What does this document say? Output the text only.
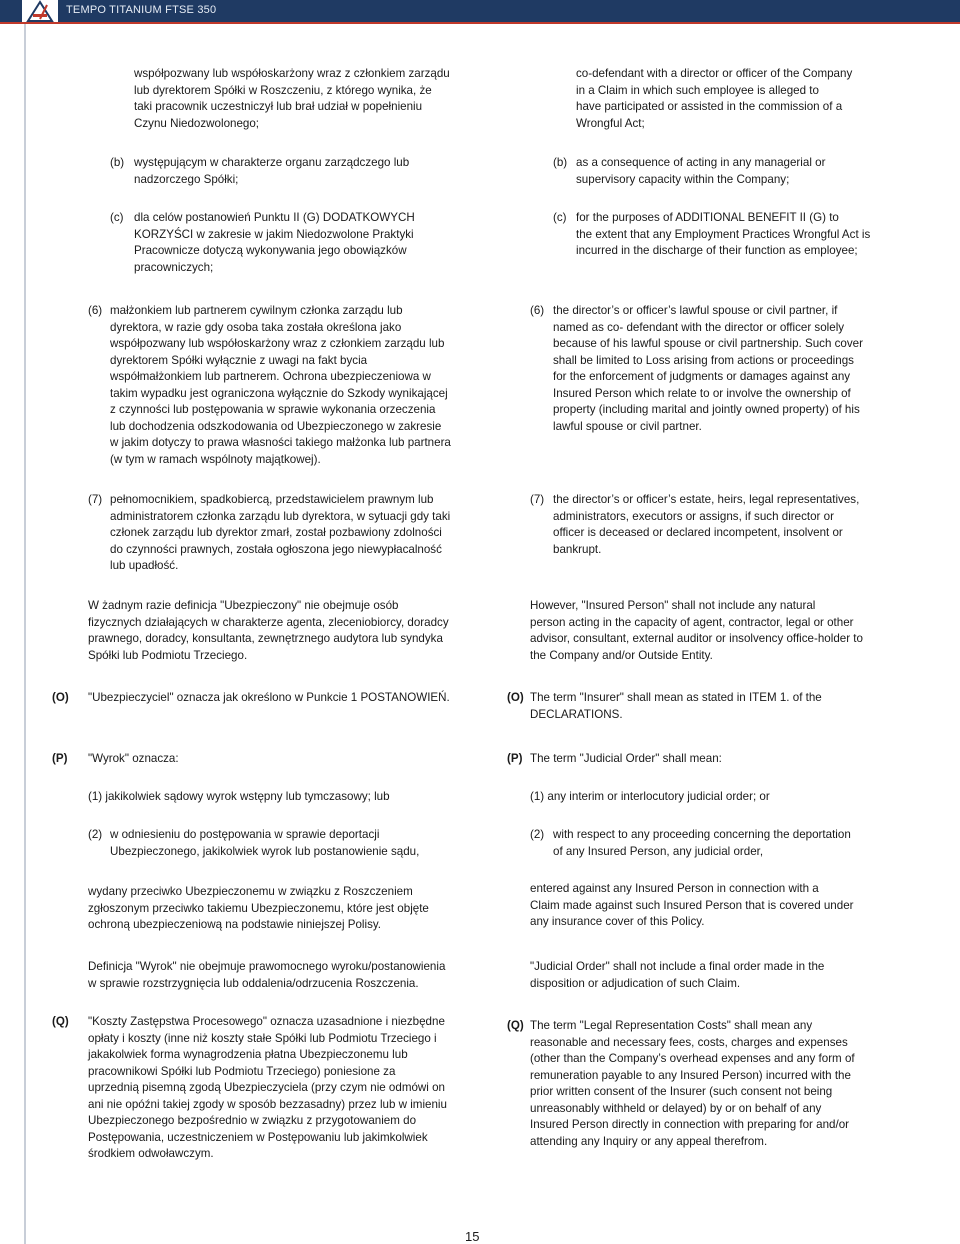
TEMPO TITANIUM FTSE 350

współpozwany lub współoskarżony wraz z członkiem zarządu
lub dyrektorem Spółki w Roszczeniu, z którego wynika, że
taki pracownik uczestniczył lub brał udział w popełnieniu
Czynu Niedozwolonego;

(b) występującym w charakterze organu zarządczego lub
nadzorczego Spółki;

(c) dla celów postanowień Punktu II (G) DODATKOWYCH
KORZYŚCI w zakresie w jakim Niedozwolone Praktyki
Pracownicze dotyczą wykonywania jego obowiązków
pracowniczych;

(6) małżonkiem lub partnerem cywilnym członka zarządu lub
dyrektora, w razie gdy osoba taka została określona jako
współpozwany lub współoskarżony wraz z członkiem zarządu lub
dyrektorem Spółki wyłącznie z uwagi na fakt bycia
współmałżonkiem lub partnerem. Ochrona ubezpieczeniowa w
takim wypadku jest ograniczona wyłącznie do Szkody wynikającej
z czynności lub postępowania w sprawie wykonania orzeczenia
lub dochodzenia odszkodowania od Ubezpieczonego w zakresie
w jakim dotyczy to prawa własności takiego małżonka lub partnera
(w tym w ramach wspólnoty majątkowej).

(7) pełnomocnikiem, spadkobiercą, przedstawicielem prawnym lub
administratorem członka zarządu lub dyrektora, w sytuacji gdy taki
członek zarządu lub dyrektor zmarł, został pozbawiony zdolności
do czynności prawnych, została ogłoszona jego niewypłacalność
lub upadłość.

W żadnym razie definicja "Ubezpieczony" nie obejmuje osób
fizycznych działających w charakterze agenta, zleceniobiorcy, doradcy
prawnego, doradcy, konsultanta, zewnętrznego audytora lub syndyka
Spółki lub Podmiotu Trzeciego.

(O) "Ubezpieczyciel" oznacza jak określono w Punkcie 1 POSTANOWIEŃ.

(P) "Wyrok" oznacza:

(1) jakikolwiek sądowy wyrok wstępny lub tymczasowy; lub

(2) w odniesieniu do postępowania w sprawie deportacji
Ubezpieczonego, jakikolwiek wyrok lub postanowienie sądu,

wydany przeciwko Ubezpieczonemu w związku z Roszczeniem
zgłoszonym przeciwko takiemu Ubezpieczonemu, które jest objęte
ochroną ubezpieczeniową na podstawie niniejszej Polisy.

Definicja "Wyrok" nie obejmuje prawomocnego wyroku/postanowienia
w sprawie rozstrzygnięcia lub oddalenia/odrzucenia Roszczenia.

(Q) "Koszty Zastępstwa Procesowego" oznacza uzasadnione i niezbędne
opłaty i koszty (inne niż koszty stałe Spółki lub Podmiotu Trzeciego i
jakakolwiek forma wynagrodzenia płatna Ubezpieczonemu lub
pracownikowi Spółki lub Podmiotu Trzeciego) poniesione za
uprzednią pisemną zgodą Ubezpieczyciela (przy czym nie odmówi on
ani nie opóźni takiej zgody w sposób bezzasadny) przez lub w imieniu
Ubezpieczonego bezpośrednio w związku z przygotowaniem do
Postępowania, uczestniczeniem w Postępowaniu lub jakimkolwiek
środkiem odwoławczym.

co-defendant with a director or officer of the Company
in a Claim in which such employee is alleged to
have participated or assisted in the commission of a
Wrongful Act;

(b) as a consequence of acting in any managerial or
supervisory capacity within the Company;

(c) for the purposes of ADDITIONAL BENEFIT II (G) to
the extent that any Employment Practices Wrongful Act is
incurred in the discharge of their function as employee;

(6) the director’s or officer’s lawful spouse or civil partner, if
named as co- defendant with the director or officer solely
because of his lawful spouse or civil partnership. Such cover
shall be limited to Loss arising from actions or proceedings
for the enforcement of judgments or damages against any
Insured Person which relate to or involve the ownership of
property (including marital and jointly owned property) of his
lawful spouse or civil partner.

(7) the director’s or officer’s estate, heirs, legal representatives,
administrators, executors or assigns, if such director or
officer is deceased or declared incompetent, insolvent or
bankrupt.

However, "Insured Person" shall not include any natural
person acting in the capacity of agent, contractor, legal or other
advisor, consultant, external auditor or insolvency office-holder to
the Company and/or Outside Entity.

(O) The term "Insurer" shall mean as stated in ITEM 1. of the
DECLARATIONS.

(P) The term "Judicial Order" shall mean:

(1) any interim or interlocutory judicial order; or

(2) with respect to any proceeding concerning the deportation
of any Insured Person, any judicial order,

entered against any Insured Person in connection with a
Claim made against such Insured Person that is covered under
any insurance cover of this Policy.

"Judicial Order" shall not include a final order made in the
disposition or adjudication of such Claim.

(Q) The term "Legal Representation Costs" shall mean any
reasonable and necessary fees, costs, charges and expenses
(other than the Company’s overhead expenses and any form of
remuneration payable to any Insured Person) incurred with the
prior written consent of the Insurer (such consent not being
unreasonably withheld or delayed) by or on behalf of any
Insured Person directly in connection with preparing for and/or
attending any Inquiry or any appeal therefrom.

15
